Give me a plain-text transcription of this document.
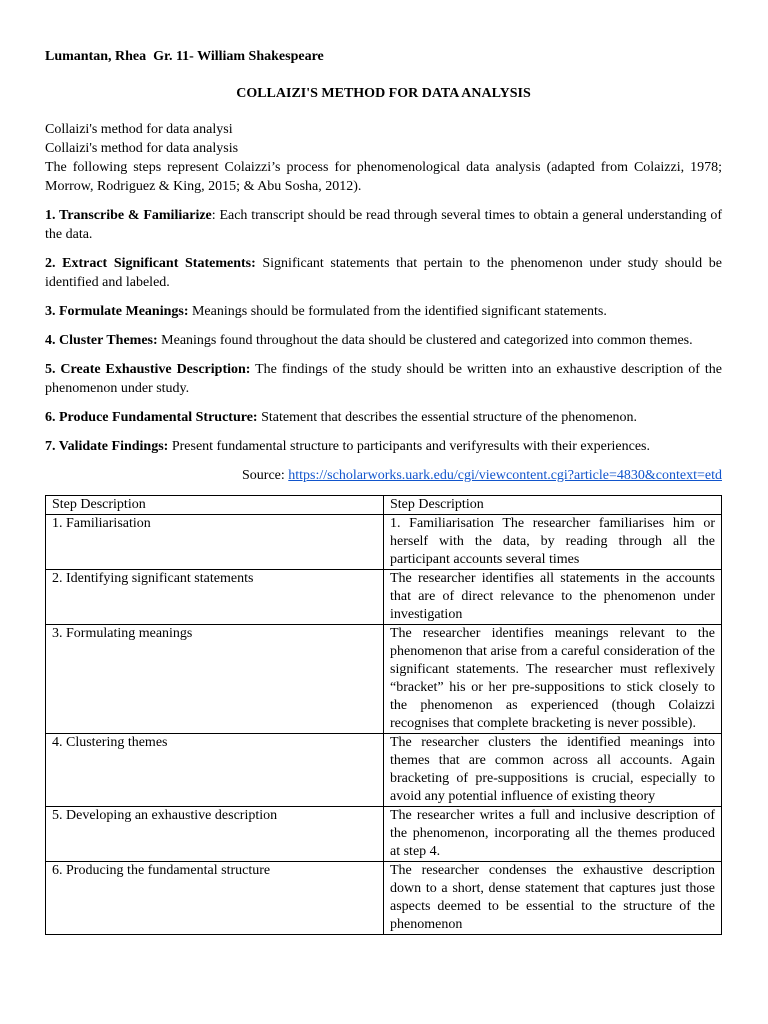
Lumantan, Rhea  Gr. 11- William Shakespeare

COLLAIZI'S METHOD FOR DATA ANALYSIS

Collaizi's method for data analysi

Collaizi's method for data analysis

The following steps represent Colaizzi’s process for phenomenological data analysis (adapted from Colaizzi, 1978; Morrow, Rodriguez & King, 2015; & Abu Sosha, 2012).

1. Transcribe & Familiarize: Each transcript should be read through several times to obtain a general understanding of the data.

2. Extract Significant Statements: Significant statements that pertain to the phenomenon under study should be identified and labeled.

3. Formulate Meanings: Meanings should be formulated from the identified significant statements.

4. Cluster Themes: Meanings found throughout the data should be clustered and categorized into common themes.

5. Create Exhaustive Description: The findings of the study should be written into an exhaustive description of the phenomenon under study.

6. Produce Fundamental Structure: Statement that describes the essential structure of the phenomenon.

7. Validate Findings: Present fundamental structure to participants and verifyresults with their experiences.

Source: https://scholarworks.uark.edu/cgi/viewcontent.cgi?article=4830&context=etd

Step Description	Step Description
1. Familiarisation	1. Familiarisation The researcher familiarises him or herself with the data, by reading through all the participant accounts several times
2. Identifying significant statements	The researcher identifies all statements in the accounts that are of direct relevance to the phenomenon under investigation
3. Formulating meanings	The researcher identifies meanings relevant to the phenomenon that arise from a careful consideration of the significant statements. The researcher must reflexively “bracket” his or her pre-suppositions to stick closely to the phenomenon as experienced (though Colaizzi recognises that complete bracketing is never possible).
4. Clustering themes	The researcher clusters the identified meanings into themes that are common across all accounts. Again bracketing of pre-suppositions is crucial, especially to avoid any potential influence of existing theory
5. Developing an exhaustive description	The researcher writes a full and inclusive description of the phenomenon, incorporating all the themes produced at step 4.
6. Producing the fundamental structure	The researcher condenses the exhaustive description down to a short, dense statement that captures just those aspects deemed to be essential to the structure of the phenomenon
